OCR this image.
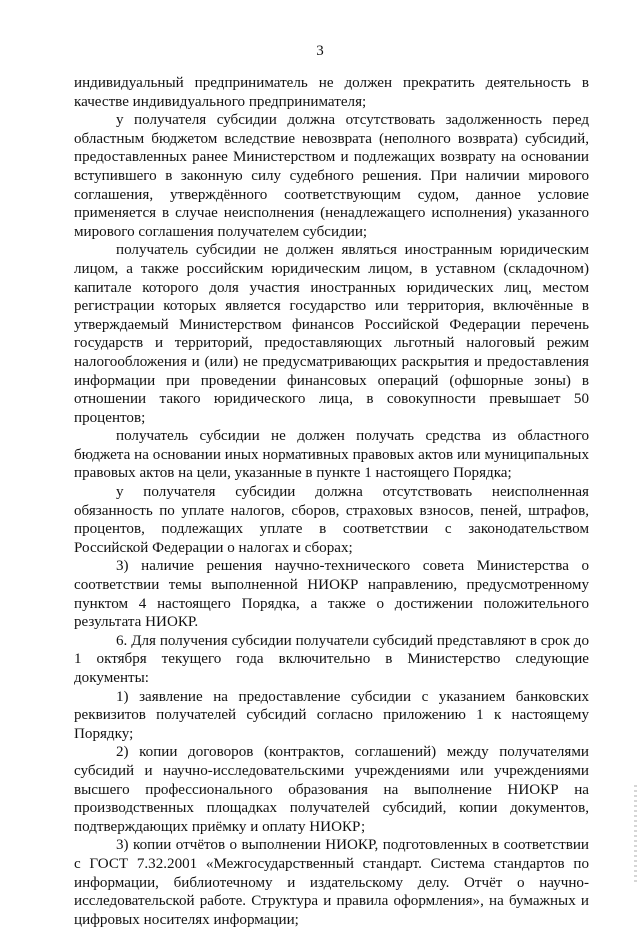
3

индивидуальный предприниматель не должен прекратить деятельность в качестве индивидуального предпринимателя;

у получателя субсидии должна отсутствовать задолженность перед областным бюджетом вследствие невозврата (неполного возврата) субсидий, предоставленных ранее Министерством и подлежащих возврату на основании вступившего в законную силу судебного решения. При наличии мирового соглашения, утверждённого соответствующим судом, данное условие применяется в случае неисполнения (ненадлежащего исполнения) указанного мирового соглашения получателем субсидии;

получатель субсидии не должен являться иностранным юридическим лицом, а также российским юридическим лицом, в уставном (складочном) капитале которого доля участия иностранных юридических лиц, местом регистрации которых является государство или территория, включённые в утверждаемый Министерством финансов Российской Федерации перечень государств и территорий, предоставляющих льготный налоговый режим налогообложения и (или) не предусматривающих раскрытия и предоставления информации при проведении финансовых операций (офшорные зоны) в отношении такого юридического лица, в совокупности превышает 50 процентов;

получатель субсидии не должен получать средства из областного бюджета на основании иных нормативных правовых актов или муниципальных правовых актов на цели, указанные в пункте 1 настоящего Порядка;

у получателя субсидии должна отсутствовать неисполненная обязанность по уплате налогов, сборов, страховых взносов, пеней, штрафов, процентов, подлежащих уплате в соответствии с законодательством Российской Федерации о налогах и сборах;

3) наличие решения научно-технического совета Министерства о соответствии темы выполненной НИОКР направлению, предусмотренному пунктом 4 настоящего Порядка, а также о достижении положительного результата НИОКР.

6. Для получения субсидии получатели субсидий представляют в срок до 1 октября текущего года включительно в Министерство следующие документы:

1) заявление на предоставление субсидии с указанием банковских реквизитов получателей субсидий согласно приложению 1 к настоящему Порядку;

2) копии договоров (контрактов, соглашений) между получателями субсидий и научно-исследовательскими учреждениями или учреждениями высшего профессионального образования на выполнение НИОКР на производственных площадках получателей субсидий, копии документов, подтверждающих приёмку и оплату НИОКР;

3) копии отчётов о выполнении НИОКР, подготовленных в соответствии с ГОСТ 7.32.2001 «Межгосударственный стандарт. Система стандартов по информации, библиотечному и издательскому делу. Отчёт о научно-исследовательской работе. Структура и правила оформления», на бумажных и цифровых носителях информации;
